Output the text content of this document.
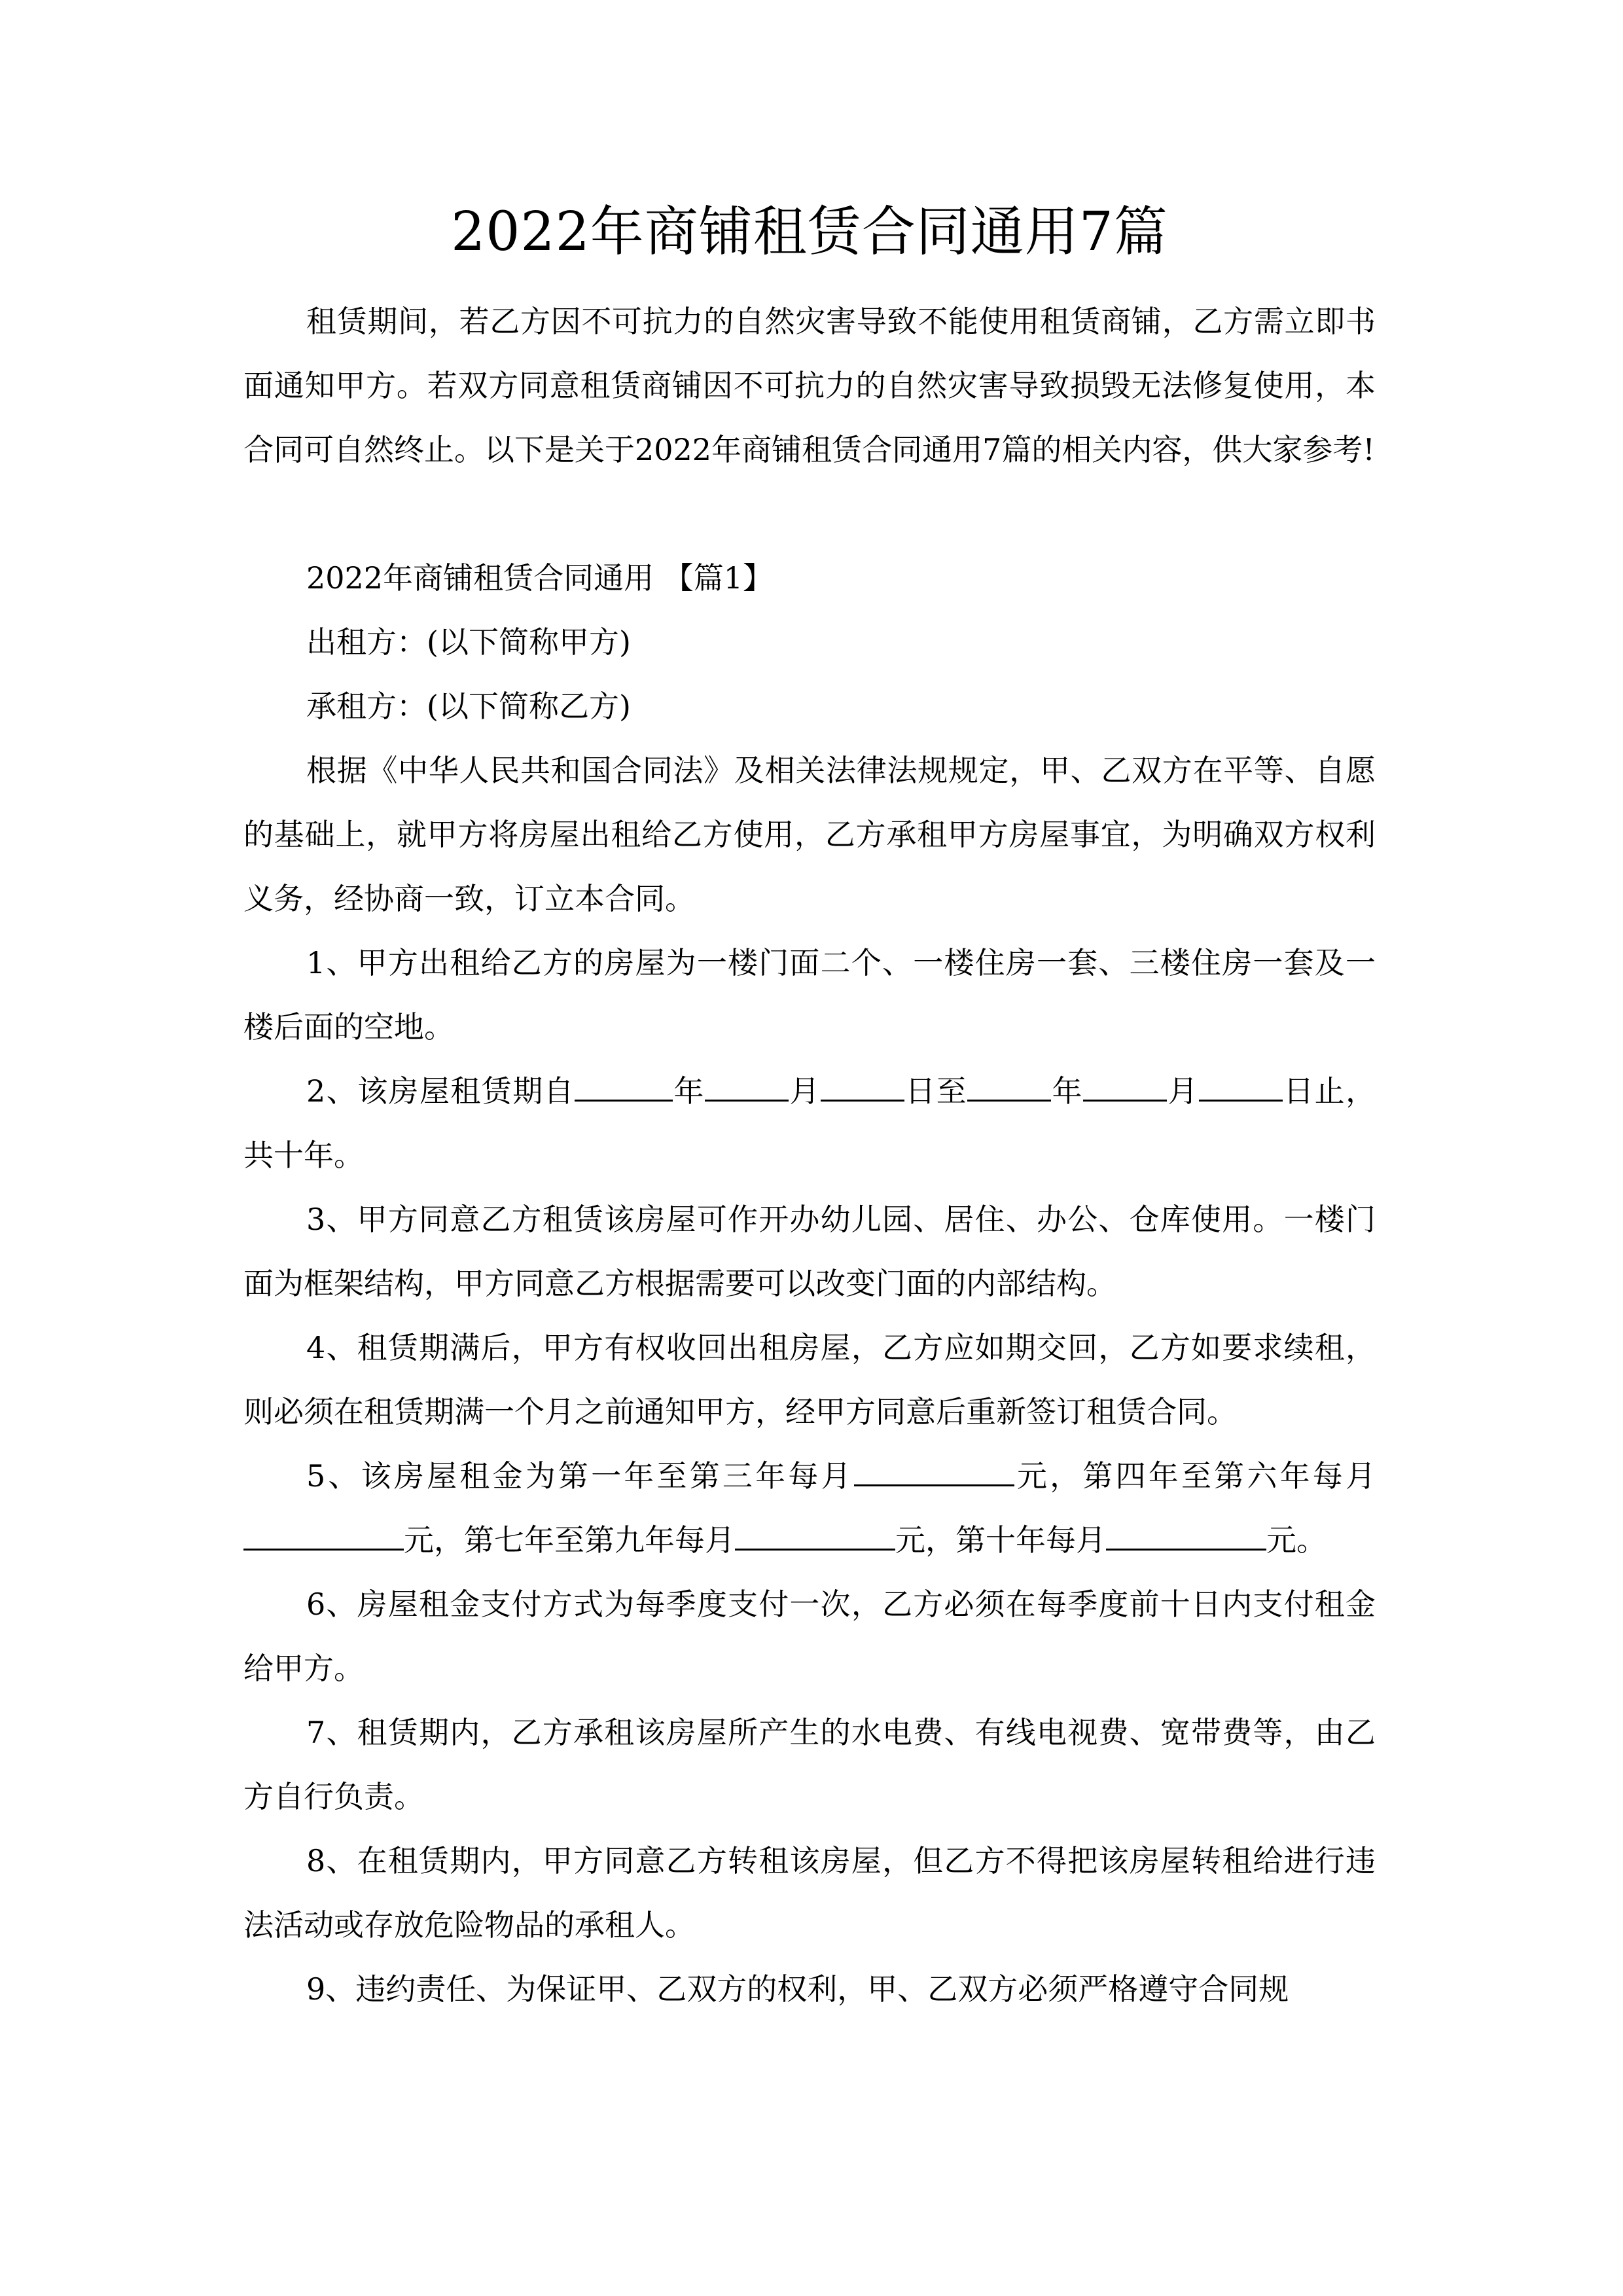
2022年商铺租赁合同通用7篇

租赁期间，若乙方因不可抗力的自然灾害导致不能使用租赁商铺，乙方需立即书面通知甲方。若双方同意租赁商铺因不可抗力的自然灾害导致损毁无法修复使用，本合同可自然终止。以下是关于2022年商铺租赁合同通用7篇的相关内容，供大家参考!

2022年商铺租赁合同通用 【篇1】

出租方：(以下简称甲方)

承租方：(以下简称乙方)

根据《中华人民共和国合同法》及相关法律法规规定，甲、乙双方在平等、自愿的基础上，就甲方将房屋出租给乙方使用，乙方承租甲方房屋事宜，为明确双方权利义务，经协商一致，订立本合同。

1、甲方出租给乙方的房屋为一楼门面二个、一楼住房一套、三楼住房一套及一楼后面的空地。

2、该房屋租赁期自	年	月	日至	年	月	日止，共十年。

3、甲方同意乙方租赁该房屋可作开办幼儿园、居住、办公、仓库使用。一楼门面为框架结构，甲方同意乙方根据需要可以改变门面的内部结构。

4、租赁期满后，甲方有权收回出租房屋，乙方应如期交回，乙方如要求续租，则必须在租赁期满一个月之前通知甲方，经甲方同意后重新签订租赁合同。

5、该房屋租金为第一年至第三年每月	元，第四年至第六年每月元，第七年至第九年每月	元，第十年每月	元。

6、房屋租金支付方式为每季度支付一次，乙方必须在每季度前十日内支付租金给甲方。

7、租赁期内，乙方承租该房屋所产生的水电费、有线电视费、宽带费等，由乙方自行负责。

8、在租赁期内，甲方同意乙方转租该房屋，但乙方不得把该房屋转租给进行违法活动或存放危险物品的承租人。

9、违约责任、为保证甲、乙双方的权利，甲、乙双方必须严格遵守合同规
